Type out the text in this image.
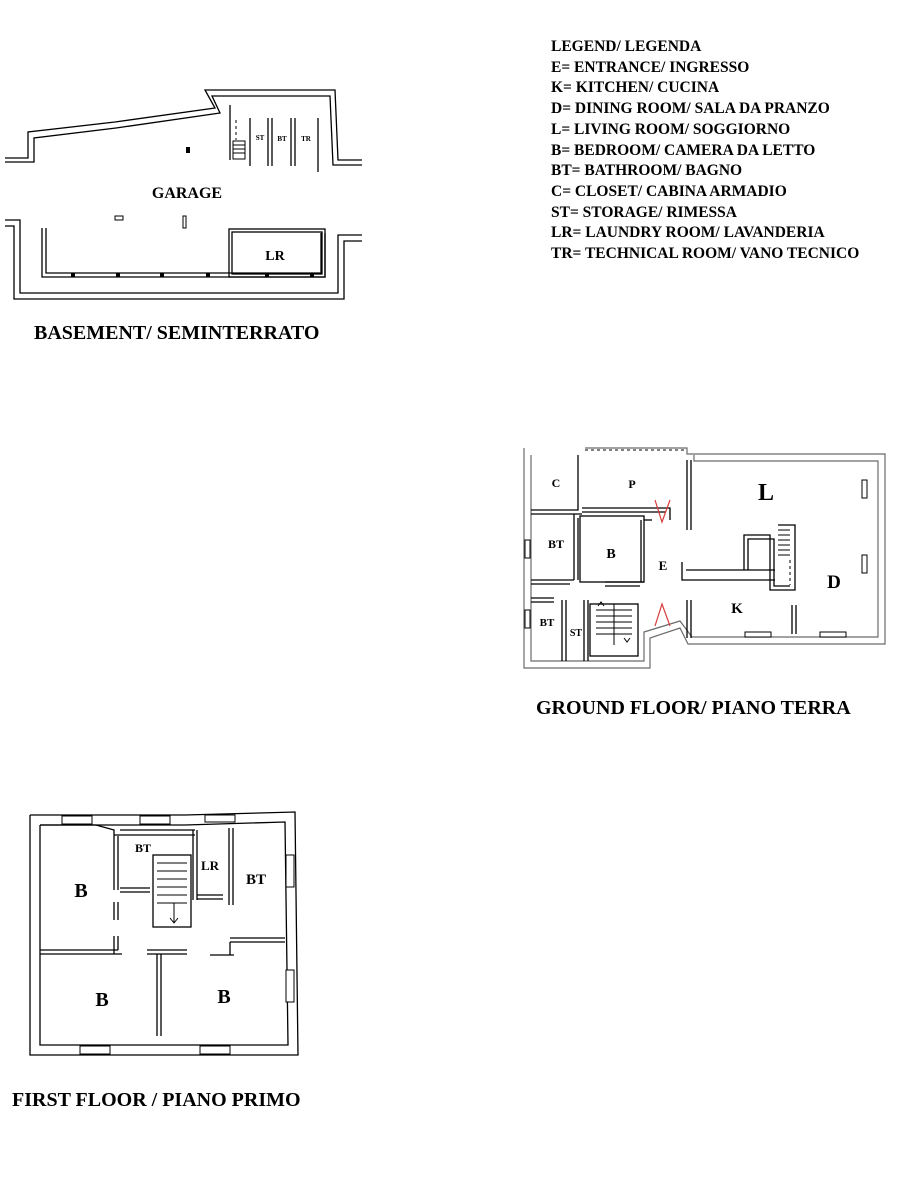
LEGEND/ LEGENDA
E= ENTRANCE/ INGRESSO
K= KITCHEN/ CUCINA
D= DINING ROOM/ SALA DA PRANZO
L= LIVING ROOM/ SOGGIORNO
B= BEDROOM/ CAMERA DA LETTO
BT= BATHROOM/ BAGNO
C= CLOSET/ CABINA ARMADIO
ST= STORAGE/ RIMESSA
LR= LAUNDRY ROOM/ LAVANDERIA
TR= TECHNICAL ROOM/ VANO TECNICO
BASEMENT/ SEMINTERRATO
GROUND FLOOR/ PIANO TERRA
FIRST FLOOR / PIANO PRIMO
GARAGE
LR
ST BT TR
C	P	L
BT
B
E
D
K
BT
ST
B
BT
LR
BT
B	B
